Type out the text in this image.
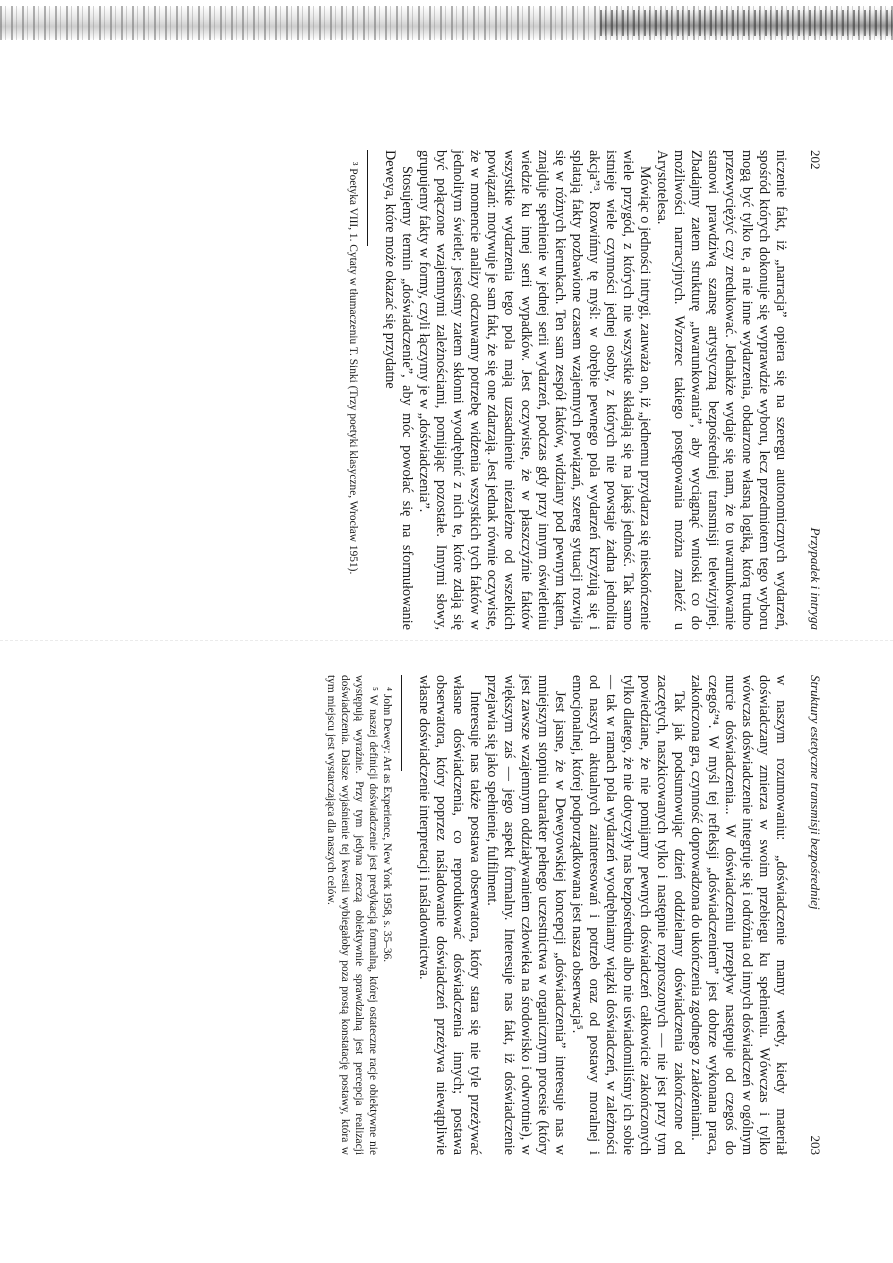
202
Przypadek i intryga

niczenie fakt, iż „narracja” opiera się na szeregu autonomicznych wydarzeń, spośród których dokonuje się wyprawdzie wyboru, lecz przedmiotem tego wyboru mogą być tylko te, a nie inne wydarzenia, obdarzone własną logiką, którą trudno przezwyciężyć czy zredukować. Jednakże wydaje się nam, że to uwarunkowanie stanowi prawdziwą szansę artystyczną bezpośredniej transmisji telewizyjnej. Zbadajmy zatem strukturę „uwarunkowania”, aby wyciągnąć wnioski co do możliwości narracyjnych. Wzorzec takiego postępowania można znaleźć u Arystotelesa.

Mówiąc o jedności intrygi, zauważa on, iż „jednemu przydarza się nieskończenie wiele przygód, z których nie wszystkie składają się na jakąś jedność. Tak samo istnieje wiele czynności jednej osoby, z których nie powstaje żadna jednolita akcja”³. Rozwińmy tę myśl: w obrębie pewnego pola wydarzeń krzyżują się i splatają fakty pozbawione czasem wzajemnych powiązań, szereg sytuacji rozwija się w różnych kierunkach. Ten sam zespół faktów, widziany pod pewnym kątem, znajduje spełnienie w jednej serii wydarzeń, podczas gdy przy innym oświetleniu wiedzie ku innej serii wypadków. Jest oczywiste, że w płaszczyźnie faktów wszystkie wydarzenia tego pola mają uzasadnienie niezależne od wszelkich powiązań: motywuje je sam fakt, że się one zdarzają. Jest jednak równie oczywiste, że w momencie analizy odczuwamy potrzebę widzenia wszystkich tych faktów w jednolitym świetle; jesteśmy zatem skłonni wyodrębnić z nich te, które zdają się być połączone wzajemnymi zależnościami, pomijając pozostałe. Innymi słowy, grupujemy fakty w formy, czyli łączymy je w „doświadczenia”.

Stosujemy termin „doświadczenie”, aby móc powołać się na sformułowanie Deweya, które może okazać się przydatne

³ Poetyka VIII, 1. Cytaty w tłumaczeniu T. Sinki (Trzy poetyki klasyczne, Wrocław 1951).

Struktury estetyczne transmisji bezpośredniej
203

w naszym rozumowaniu: „doświadczenie mamy wtedy, kiedy materiał doświadczany zmierza w swoim przebiegu ku spełnieniu. Wówczas i tylko wówczas doświadczenie integruje się i odróżnia od innych doświadczeń w ogólnym nurcie doświadczenia... W doświadczeniu przepływ następuje od czegoś do czegoś”⁴. W myśl tej refleksji „doświadczeniem” jest dobrze wykonana praca, zakończona gra, czynność doprowadzona do ukończenia zgodnego z założeniami.

Tak jak podsumowując dzień oddzielamy doświadczenia zakończone od zaczętych, naszkicowanych tylko i następnie rozproszonych — nie jest przy tym powiedziane, że nie pomijamy pewnych doświadczeń całkowicie zakończonych tylko dlatego, że nie dotyczyły nas bezpośrednio albo nie uświadomiliśmy ich sobie — tak w ramach pola wydarzeń wyodrębniamy wiązki doświadczeń, w zależności od naszych aktualnych zainteresowań i potrzeb oraz od postawy moralnej i emocjonalnej, której podporządkowana jest nasza obserwacja⁵.

Jest jasne, że w Deweyowskiej koncepcji „doświadczenia” interesuje nas w mniejszym stopniu charakter pełnego uczestnictwa w organicznym procesie (który jest zawsze wzajemnym oddziaływaniem człowieka na środowisko i odwrotnie), w większym zaś — jego aspekt formalny. Interesuje nas fakt, iż doświadczenie przejawia się jako spełnienie, fulfilment.

Interesuje nas także postawa obserwatora, który stara się nie tyle przeżywać własne doświadczenia, co reprodukować doświadczenia innych; postawa obserwatora, który poprzez naśladowanie doświadczeń przeżywa niewątpliwie własne doświadczenie interpretacji i naśladownictwa.

⁴ John Dewey: Art as Experience, New York 1958, s. 35–36.

⁵ W naszej definicji doświadczenie jest predykacją formalną, której ostateczne racje obiektywne nie występują wyraźnie. Przy tym jedyna rzeczą obiektywnie sprawdzalną jest percepcja realizacji doświadczenia. Dalsze wyjaśnienie tej kwestii wybiegałoby poza prostą konstatację postawy, która w tym miejscu jest wystarczająca dla naszych celów.
